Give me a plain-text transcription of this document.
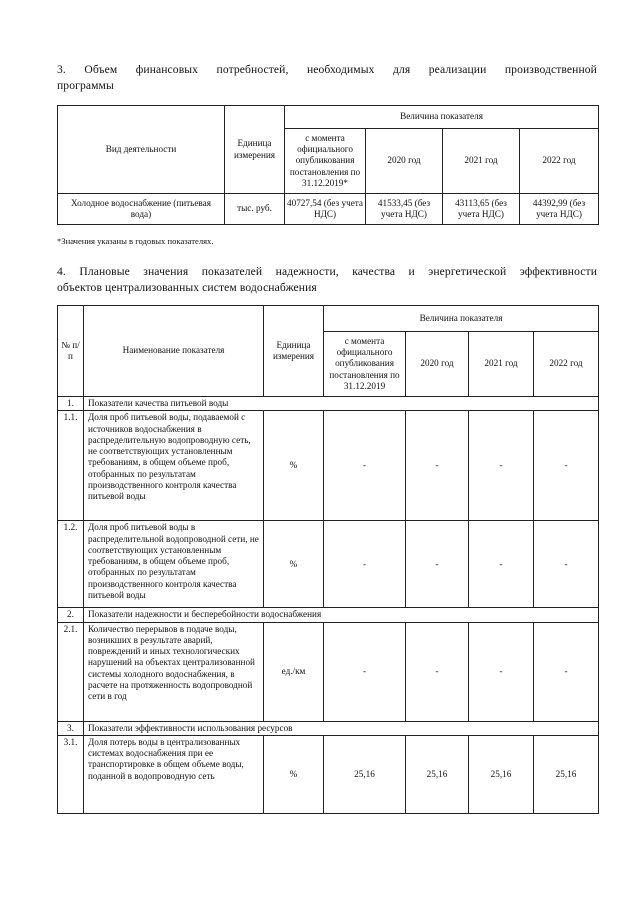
3. Объем финансовых потребностей, необходимых для реализации производственной
программы
Вид деятельности	Единица измерения	Величина показателя			
		с момента официального опубликования постановления по 31.12.2019*	2020 год	2021 год	2022 год
Холодное водоснабжение (питьевая вода)	тыс. руб.	40727,54 (без учета НДС)	41533,45 (без учета НДС)	43113,65 (без учета НДС)	44392,99 (без учета НДС)
*Значения указаны в годовых показателях.
4. Плановые значения показателей надежности, качества и энергетической эффективности
объектов централизованных систем водоснабжения
№ п/п	Наименование показателя	Единица измерения	Величина показателя			
			с момента официального опубликования постановления по 31.12.2019	2020 год	2021 год	2022 год
1.	Показатели качества питьевой воды					
1.1.	Доля проб питьевой воды, подаваемой с источников водоснабжения в распределительную водопроводную сеть, не соответствующих установленным требованиям, в общем объеме проб, отобранных по результатам производственного контроля качества питьевой воды	%	-	-	-	-
1.2.	Доля проб питьевой воды в распределительной водопроводной сети, не соответствующих установленным требованиям, в общем объеме проб, отобранных по результатам производственного контроля качества питьевой воды	%	-	-	-	-
2.	Показатели надежности и бесперебойности водоснабжения					
2.1.	Количество перерывов в подаче воды, возникших в результате аварий, повреждений и иных технологических нарушений на объектах централизованной системы холодного водоснабжения, в расчете на протяженность водопроводной сети в год	ед./км	-	-	-	-
3.	Показатели эффективности использования ресурсов					
3.1.	Доля потерь воды в централизованных системах водоснабжения при ее транспортировке в общем объеме воды, поданной в водопроводную сеть	%	25,16	25,16	25,16	25,16
